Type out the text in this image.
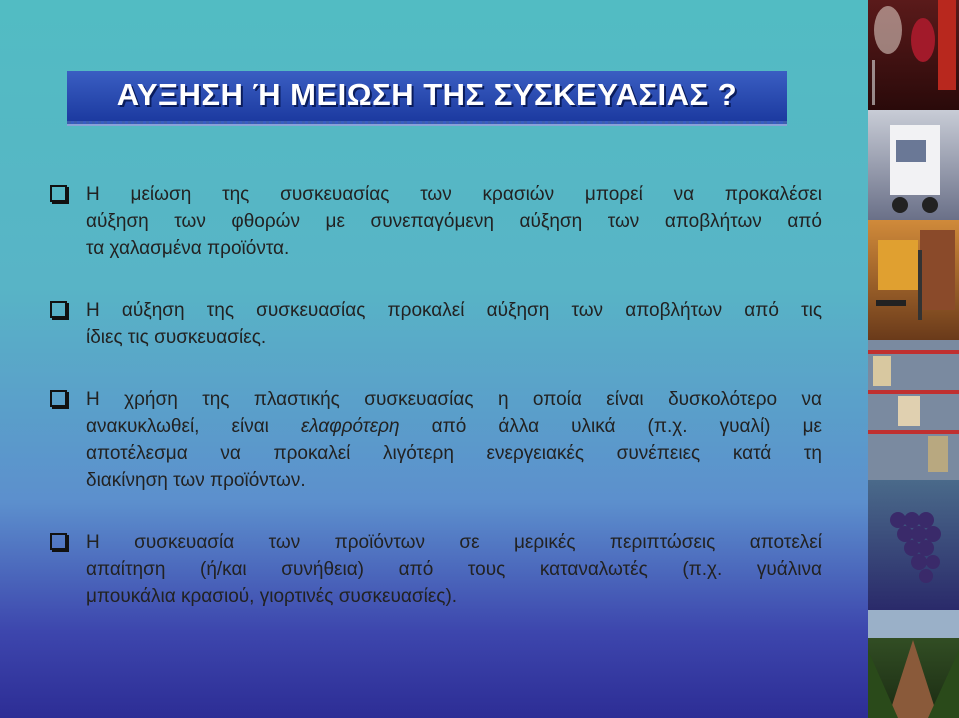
ΑΥΞΗΣΗ Ή ΜΕΙΩΣΗ ΤΗΣ ΣΥΣΚΕΥΑΣΙΑΣ ?
Η μείωση της συσκευασίας των κρασιών μπορεί να προκαλέσει
αύξηση των φθορών με συνεπαγόμενη αύξηση των αποβλήτων από
τα χαλασμένα προϊόντα.
Η αύξηση της συσκευασίας προκαλεί αύξηση των αποβλήτων από τις
ίδιες τις συσκευασίες.
Η χρήση της πλαστικής συσκευασίας η οποία είναι δυσκολότερο να
ανακυκλωθεί, είναι ελαφρότερη από άλλα υλικά (π.χ. γυαλί) με
αποτέλεσμα να προκαλεί λιγότερη ενεργειακές συνέπειες κατά τη
διακίνηση των προϊόντων.
Η συσκευασία των προϊόντων σε μερικές περιπτώσεις αποτελεί
απαίτηση (ή/και συνήθεια) από τους καταναλωτές (π.χ. γυάλινα
μπουκάλια κρασιού, γιορτινές συσκευασίες).
